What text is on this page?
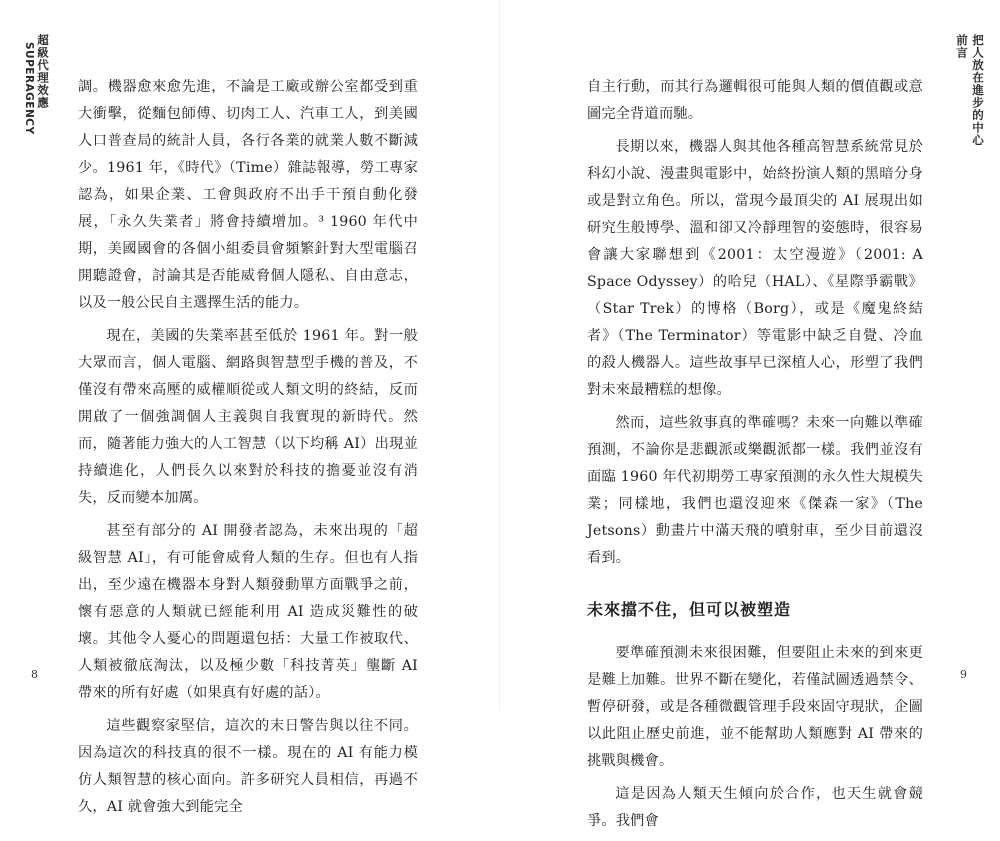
超級代理效應
SUPERAGENCY	調。機器愈來愈先進，不論是工廠或辦公室都受到重大衝擊，從麵包師傅、切肉工人、汽車工人，到美國人口普查局的統計人員，各行各業的就業人數不斷減少。1961 年，《時代》（Time）雜誌報導，勞工專家認為，如果企業、工會與政府不出手干預自動化發展，「永久失業者」將會持續增加。³ 1960 年代中期，美國國會的各個小組委員會頻繁針對大型電腦召開聽證會，討論其是否能威脅個人隱私、自由意志，以及一般公民自主選擇生活的能力。

現在，美國的失業率甚至低於 1961 年。對一般大眾而言，個人電腦、網路與智慧型手機的普及，不僅沒有帶來高壓的威權順從或人類文明的終結，反而開啟了一個強調個人主義與自我實現的新時代。然而，隨著能力強大的人工智慧（以下均稱 AI）出現並持續進化，人們長久以來對於科技的擔憂並沒有消失，反而變本加厲。

甚至有部分的 AI 開發者認為，未來出現的「超級智慧 AI」，有可能會威脅人類的生存。但也有人指出，至少遠在機器本身對人類發動單方面戰爭之前，懷有惡意的人類就已經能利用 AI 造成災難性的破壞。其他令人憂心的問題還包括：大量工作被取代、人類被徹底淘汰，以及極少數「科技菁英」壟斷 AI 帶來的所有好處（如果真有好處的話）。

這些觀察家堅信，這次的末日警告與以往不同。因為這次的科技真的很不一樣。現在的 AI 有能力模仿人類智慧的核心面向。許多研究人員相信，再過不久，AI 就會強大到能完全

8

自主行動，而其行為邏輯很可能與人類的價值觀或意圖完全背道而馳。

長期以來，機器人與其他各種高智慧系統常見於科幻小說、漫畫與電影中，始終扮演人類的黑暗分身或是對立角色。所以，當現今最頂尖的 AI 展現出如研究生般博學、溫和卻又冷靜理智的姿態時，很容易會讓大家聯想到《2001：太空漫遊》（2001: A Space Odyssey）的哈兒（HAL）、《星際爭霸戰》（Star Trek）的博格（Borg），或是《魔鬼終結者》（The Terminator）等電影中缺乏自覺、冷血的殺人機器人。這些故事早已深植人心，形塑了我們對未來最糟糕的想像。

然而，這些敘事真的準確嗎？未來一向難以準確預測，不論你是悲觀派或樂觀派都一樣。我們並沒有面臨 1960 年代初期勞工專家預測的永久性大規模失業；同樣地，我們也還沒迎來《傑森一家》（The Jetsons）動畫片中滿天飛的噴射車，至少目前還沒看到。

未來擋不住，但可以被塑造

要準確預測未來很困難，但要阻止未來的到來更是難上加難。世界不斷在變化，若僅試圖透過禁令、暫停研發，或是各種微觀管理手段來固守現狀，企圖以此阻止歷史前進，並不能幫助人類應對 AI 帶來的挑戰與機會。

這是因為人類天生傾向於合作，也天生就會競爭。我們會

前言 把人放在進步的中心
9
